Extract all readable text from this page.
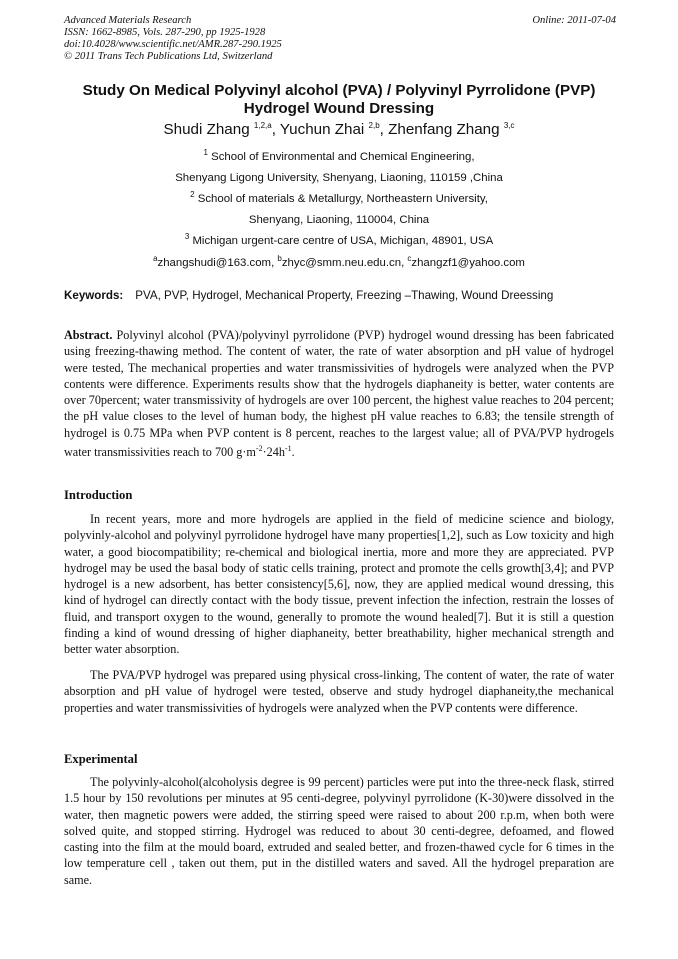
Advanced Materials Research
ISSN: 1662-8985, Vols. 287-290, pp 1925-1928
doi:10.4028/www.scientific.net/AMR.287-290.1925
© 2011 Trans Tech Publications Ltd, Switzerland
Online: 2011-07-04
Study On Medical Polyvinyl alcohol (PVA) / Polyvinyl Pyrrolidone (PVP)
Hydrogel Wound Dressing
Shudi Zhang $^{1,2,a}$, Yuchun Zhai $^{2,b}$, Zhenfang Zhang $^{3,c}$
$^1$ School of Environmental and Chemical Engineering,
Shenyang Ligong University, Shenyang, Liaoning, 110159 ,China
$^2$ School of materials & Metallurgy, Northeastern University,
Shenyang, Liaoning, 110004, China
$^3$ Michigan urgent-care centre of USA, Michigan, 48901, USA
$^a$zhangshudi@163.com, $^b$zhyc@smm.neu.edu.cn, $^c$zhangzf1@yahoo.com
Keywords: PVA, PVP, Hydrogel, Mechanical Property, Freezing –Thawing, Wound Dreessing
Abstract. Polyvinyl alcohol (PVA)/polyvinyl pyrrolidone (PVP) hydrogel wound dressing has been fabricated using freezing-thawing method. The content of water, the rate of water absorption and pH value of hydrogel were tested, The mechanical properties and water transmissivities of hydrogels were analyzed when the PVP contents were difference. Experiments results show that the hydrogels diaphaneity is better, water contents are over 70percent; water transmissivity of hydrogels are over 100 percent, the highest value reaches to 204 percent; the pH value closes to the level of human body, the highest pH value reaches to 6.83; the tensile strength of hydrogel is 0.75 MPa when PVP content is 8 percent, reaches to the largest value; all of PVA/PVP hydrogels water transmissivities reach to 700 $g\cdot m^{-2}\cdot 24h^{-1}$.
Introduction
In recent years, more and more hydrogels are applied in the field of medicine science and biology, polyvinly-alcohol and polyvinyl pyrrolidone hydrogel have many properties[1,2], such as Low toxicity and high water, a good biocompatibility; re-chemical and biological inertia, more and more they are appreciated. PVP hydrogel may be used the basal body of static cells training, protect and promote the cells growth[3,4]; and PVP hydrogel is a new adsorbent, has better consistency[5,6], now, they are applied medical wound dressing, this kind of hydrogel can directly contact with the body tissue, prevent infection the infection, restrain the losses of fluid, and transport oxygen to the wound, generally to promote the wound healed[7]. But it is still a question finding a kind of wound dressing of higher diaphaneity, better breathability, higher mechanical strength and better water absorption.
The PVA/PVP hydrogel was prepared using physical cross-linking, The content of water, the rate of water absorption and pH value of hydrogel were tested, observe and study hydrogel diaphaneity,the mechanical properties and water transmissivities of hydrogels were analyzed when the PVP contents were difference.
Experimental
The polyvinly-alcohol(alcoholysis degree is 99 percent) particles were put into the three-neck flask, stirred 1.5 hour by 150 revolutions per minutes at 95 centi-degree, polyvinyl pyrrolidone (K-30)were dissolved in the water, then magnetic powers were added, the stirring speed were raised to about 200 r.p.m, when both were solved quite, and stopped stirring. Hydrogel was reduced to about 30 centi-degree, defoamed, and flowed casting into the film at the mould board, extruded and sealed better, and frozen-thawed cycle for 6 times in the low temperature cell , taken out them, put in the distilled waters and saved. All the hydrogel preparation are same.
